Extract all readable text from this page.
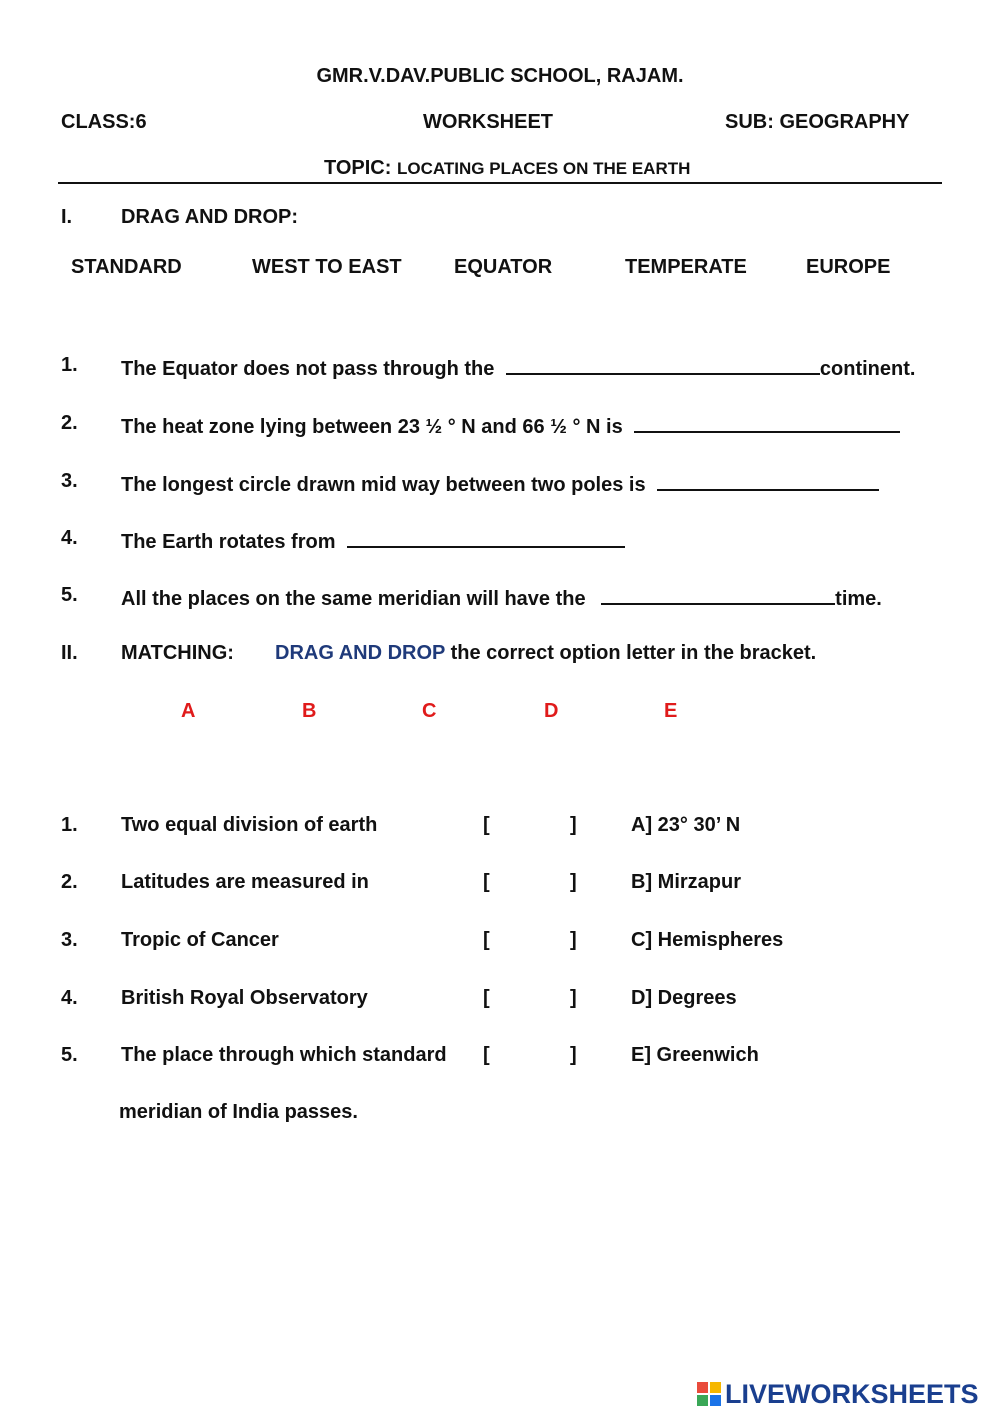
GMR.V.DAV.PUBLIC SCHOOL, RAJAM.
CLASS:6	WORKSHEET	SUB: GEOGRAPHY
TOPIC: LOCATING PLACES ON THE EARTH
I. DRAG AND DROP:
STANDARD	WEST TO EAST	EQUATOR	TEMPERATE	EUROPE
1. The Equator does not pass through the	continent.
2. The heat zone lying between 23 ½ ° N and 66 ½ ° N is
3. The longest circle drawn mid way between two poles is
4. The Earth rotates from
5. All the places on the same meridian will have the	time.
II. MATCHING: DRAG AND DROP the correct option letter in the bracket.
A	B	C	D	E
1. Two equal division of earth	[	]	A] 23° 30’ N
2. Latitudes are measured in	[	]	B] Mirzapur
3. Tropic of Cancer	[	]	C] Hemispheres
4. British Royal Observatory	[	]	D] Degrees
5. The place through which standard [	]	E] Greenwich
meridian of India passes.
LIVEWORKSHEETS
